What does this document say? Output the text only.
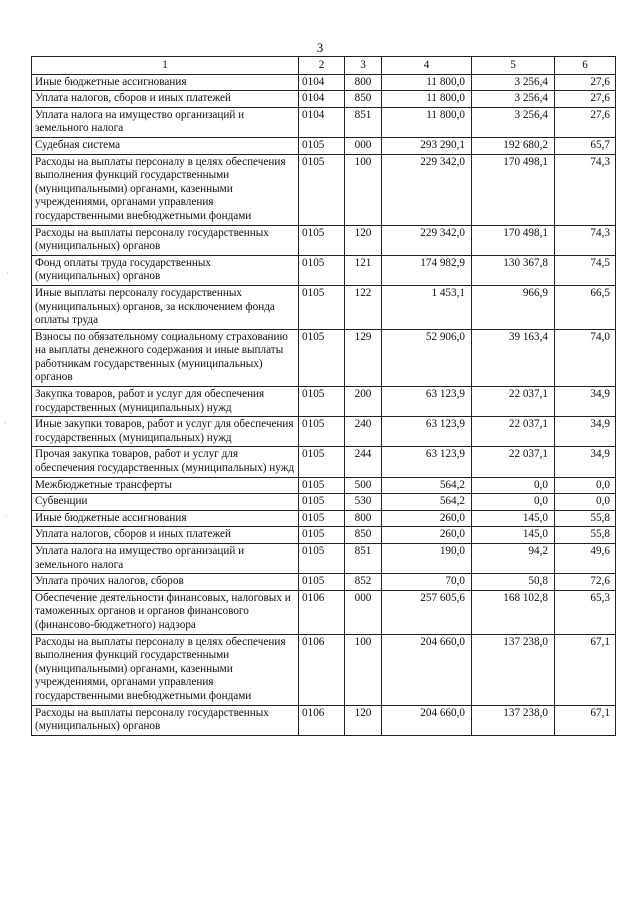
3
1	2	3	4	5	6
Иные бюджетные ассигнования	0104	800	11 800,0	3 256,4	27,6
Уплата налогов, сборов и иных платежей	0104	850	11 800,0	3 256,4	27,6
Уплата налога на имущество организаций и земельного налога	0104	851	11 800,0	3 256,4	27,6
Судебная система	0105	000	293 290,1	192 680,2	65,7
Расходы на выплаты персоналу в целях обеспечения выполнения функций государственными (муниципальными) органами, казенными учреждениями, органами управления государственными внебюджетными фондами	0105	100	229 342,0	170 498,1	74,3
Расходы на выплаты персоналу государственных (муниципальных) органов	0105	120	229 342,0	170 498,1	74,3
Фонд оплаты труда государственных (муниципальных) органов	0105	121	174 982,9	130 367,8	74,5
Иные выплаты персоналу государственных (муниципальных) органов, за исключением фонда оплаты труда	0105	122	1 453,1	966,9	66,5
Взносы по обязательному социальному страхованию на выплаты денежного содержания и иные выплаты работникам государственных (муниципальных) органов	0105	129	52 906,0	39 163,4	74,0
Закупка товаров, работ и услуг для обеспечения государственных (муниципальных) нужд	0105	200	63 123,9	22 037,1	34,9
Иные закупки товаров, работ и услуг для обеспечения государственных (муниципальных) нужд	0105	240	63 123,9	22 037,1	34,9
Прочая закупка товаров, работ и услуг для обеспечения государственных (муниципальных) нужд	0105	244	63 123,9	22 037,1	34,9
Межбюджетные трансферты	0105	500	564,2	0,0	0,0
Субвенции	0105	530	564,2	0,0	0,0
Иные бюджетные ассигнования	0105	800	260,0	145,0	55,8
Уплата налогов, сборов и иных платежей	0105	850	260,0	145,0	55,8
Уплата налога на имущество организаций и земельного налога	0105	851	190,0	94,2	49,6
Уплата прочих налогов, сборов	0105	852	70,0	50,8	72,6
Обеспечение деятельности финансовых, налоговых и таможенных органов и органов финансового (финансово-бюджетного) надзора	0106	000	257 605,6	168 102,8	65,3
Расходы на выплаты персоналу в целях обеспечения выполнения функций государственными (муниципальными) органами, казенными учреждениями, органами управления государственными внебюджетными фондами	0106	100	204 660,0	137 238,0	67,1
Расходы на выплаты персоналу государственных (муниципальных) органов	0106	120	204 660,0	137 238,0	67,1
·
·
·
